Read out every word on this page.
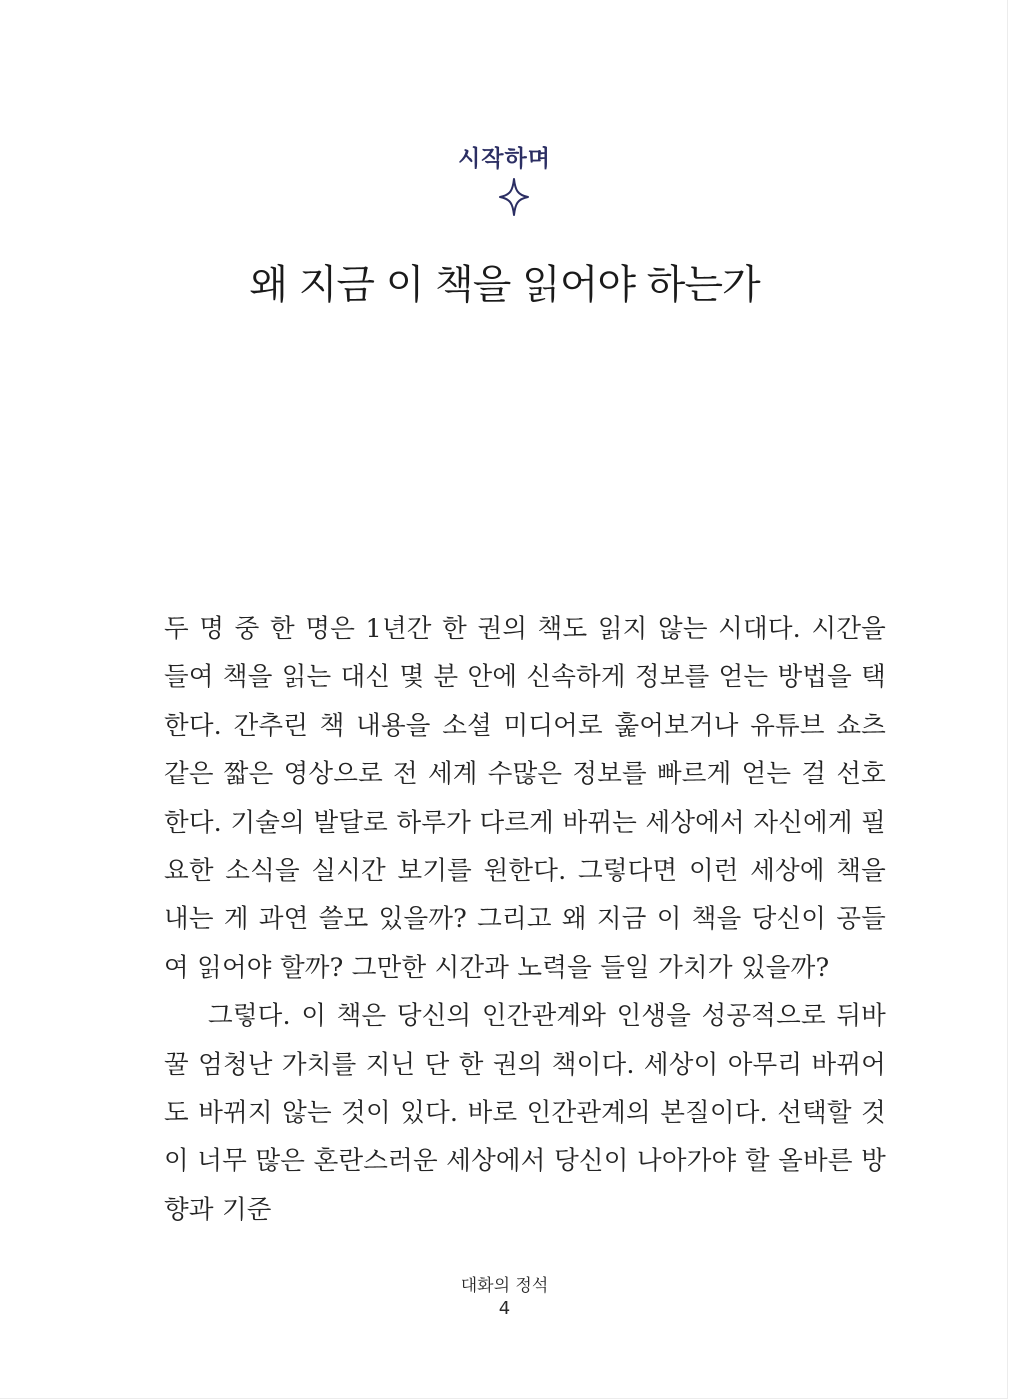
시작하며
왜 지금 이 책을 읽어야 하는가

두 명 중 한 명은 1년간 한 권의 책도 읽지 않는 시대다. 시간을 들여 책을 읽는 대신 몇 분 안에 신속하게 정보를 얻는 방법을 택한다. 간추린 책 내용을 소셜 미디어로 훑어보거나 유튜브 쇼츠 같은 짧은 영상으로 전 세계 수많은 정보를 빠르게 얻는 걸 선호한다. 기술의 발달로 하루가 다르게 바뀌는 세상에서 자신에게 필요한 소식을 실시간 보기를 원한다. 그렇다면 이런 세상에 책을 내는 게 과연 쓸모 있을까? 그리고 왜 지금 이 책을 당신이 공들여 읽어야 할까? 그만한 시간과 노력을 들일 가치가 있을까?

그렇다. 이 책은 당신의 인간관계와 인생을 성공적으로 뒤바꿀 엄청난 가치를 지닌 단 한 권의 책이다. 세상이 아무리 바뀌어도 바뀌지 않는 것이 있다. 바로 인간관계의 본질이다. 선택할 것이 너무 많은 혼란스러운 세상에서 당신이 나아가야 할 올바른 방향과 기준

대화의 정석
4
